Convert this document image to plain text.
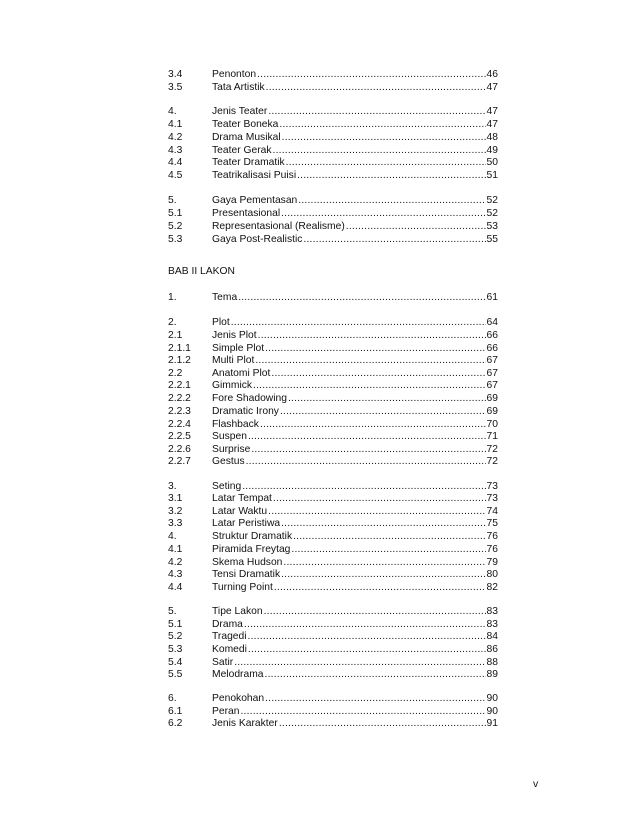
BAB II LAKON
v
3.4	Penonton .....	46
3.5	Tata Artistik .....	47
4.	Jenis Teater .....	47
4.1	Teater Boneka .....	47
4.2	Drama Musikal .....	48
4.3	Teater Gerak .....	49
4.4	Teater Dramatik .....	50
4.5	Teatrikalisasi Puisi .....	51
5.	Gaya Pementasan .....	52
5.1	Presentasional .....	52
5.2	Representasional (Realisme) .....	53
5.3	Gaya Post-Realistic .....	55
1.	Tema .....	61
2.	Plot .....	64
2.1	Jenis Plot .....	66
2.1.1	Simple Plot .....	66
2.1.2	Multi Plot .....	67
2.2	Anatomi Plot .....	67
2.2.1	Gimmick .....	67
2.2.2	Fore Shadowing .....	69
2.2.3	Dramatic Irony .....	69
2.2.4	Flashback .....	70
2.2.5	Suspen .....	71
2.2.6	Surprise .....	72
2.2.7	Gestus .....	72
3.	Seting .....	73
3.1	Latar Tempat .....	73
3.2	Latar Waktu .....	74
3.3	Latar Peristiwa .....	75
4.	Struktur Dramatik .....	76
4.1	Piramida Freytag .....	76
4.2	Skema Hudson .....	79
4.3	Tensi Dramatik .....	80
4.4	Turning Point .....	82
5.	Tipe Lakon .....	83
5.1	Drama .....	83
5.2	Tragedi .....	84
5.3	Komedi .....	86
5.4	Satir .....	88
5.5	Melodrama .....	89
6.	Penokohan .....	90
6.1	Peran .....	90
6.2	Jenis Karakter .....	91
